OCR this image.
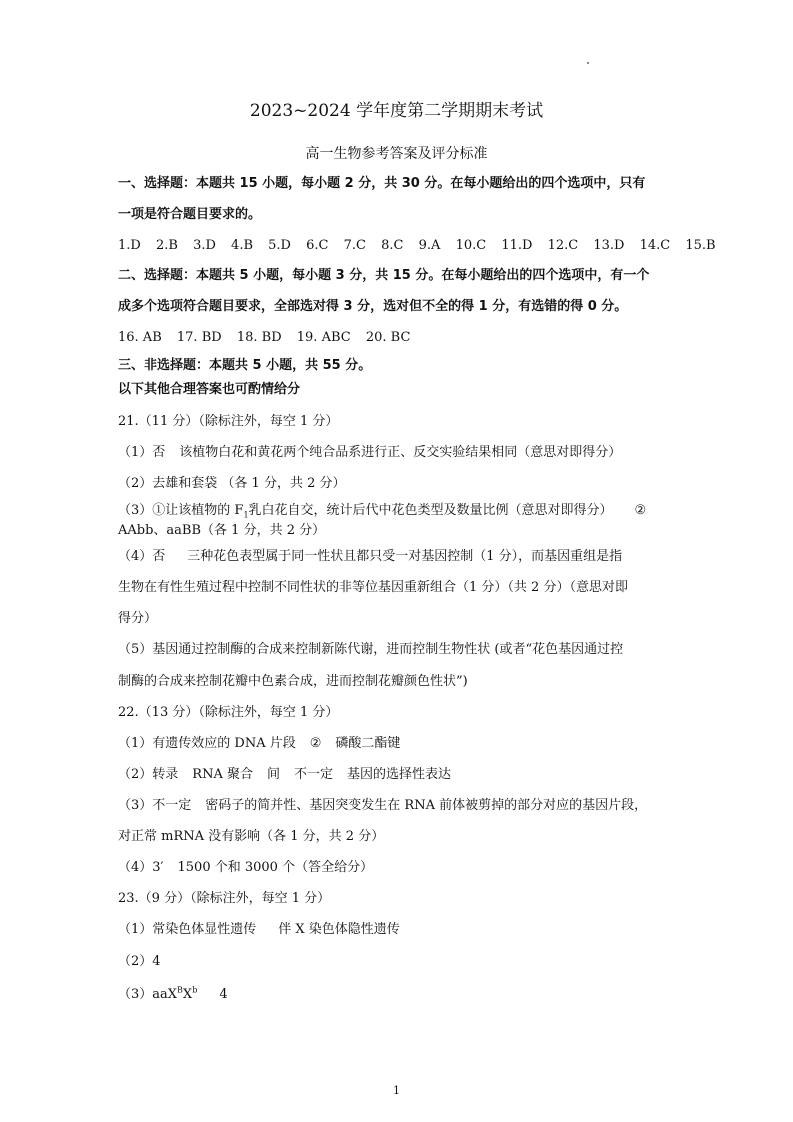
2023~2024 学年度第二学期期末考试
高一生物参考答案及评分标准
一、选择题：本题共 15 小题，每小题 2 分，共 30 分。在每小题给出的四个选项中，只有
一项是符合题目要求的。
1.D 2.B 3.D 4.B 5.D 6.C 7.C 8.C 9.A 10.C 11.D 12.C 13.D 14.C 15.B
二、选择题：本题共 5 小题，每小题 3 分，共 15 分。在每小题给出的四个选项中，有一个
成多个选项符合题目要求，全部选对得 3 分，选对但不全的得 1 分，有选错的得 0 分。
16. AB 17. BD 18. BD 19. ABC 20. BC
三、非选择题：本题共 5 小题，共 55 分。
以下其他合理答案也可酌情给分
21.（11 分）（除标注外，每空 1 分）
（1）否 该植物白花和黄花两个纯合品系进行正、反交实验结果相同（意思对即得分）
（2）去雄和套袋 （各 1 分，共 2 分）
（3）①让该植物的 $F_1$乳白花自交，统计后代中花色类型及数量比例（意思对即得分） ②
AAbb、aaBB（各 1 分，共 2 分）
（4）否 三种花色表型属于同一性状且都只受一对基因控制（1 分），而基因重组是指
生物在有性生殖过程中控制不同性状的非等位基因重新组合（1 分）（共 2 分）（意思对即
得分）
（5）基因通过控制酶的合成来控制新陈代谢，进而控制生物性状 (或者“花色基因通过控
制酶的合成来控制花瓣中色素合成，进而控制花瓣颜色性状”)
22.（13 分）（除标注外，每空 1 分）
（1）有遗传效应的 DNA 片段 ② 磷酸二酯键
（2）转录 RNA 聚合 间 不一定 基因的选择性表达
（3）不一定 密码子的简并性、基因突变发生在 RNA 前体被剪掉的部分对应的基因片段，
对正常 mRNA 没有影响（各 1 分，共 2 分）
（4）3′ 1500 个和 3000 个（答全给分）
23.（9 分）（除标注外，每空 1 分）
（1）常染色体显性遗传 伴 X 染色体隐性遗传
（2）4
$(3)aaX^BX^b$ 4
1
